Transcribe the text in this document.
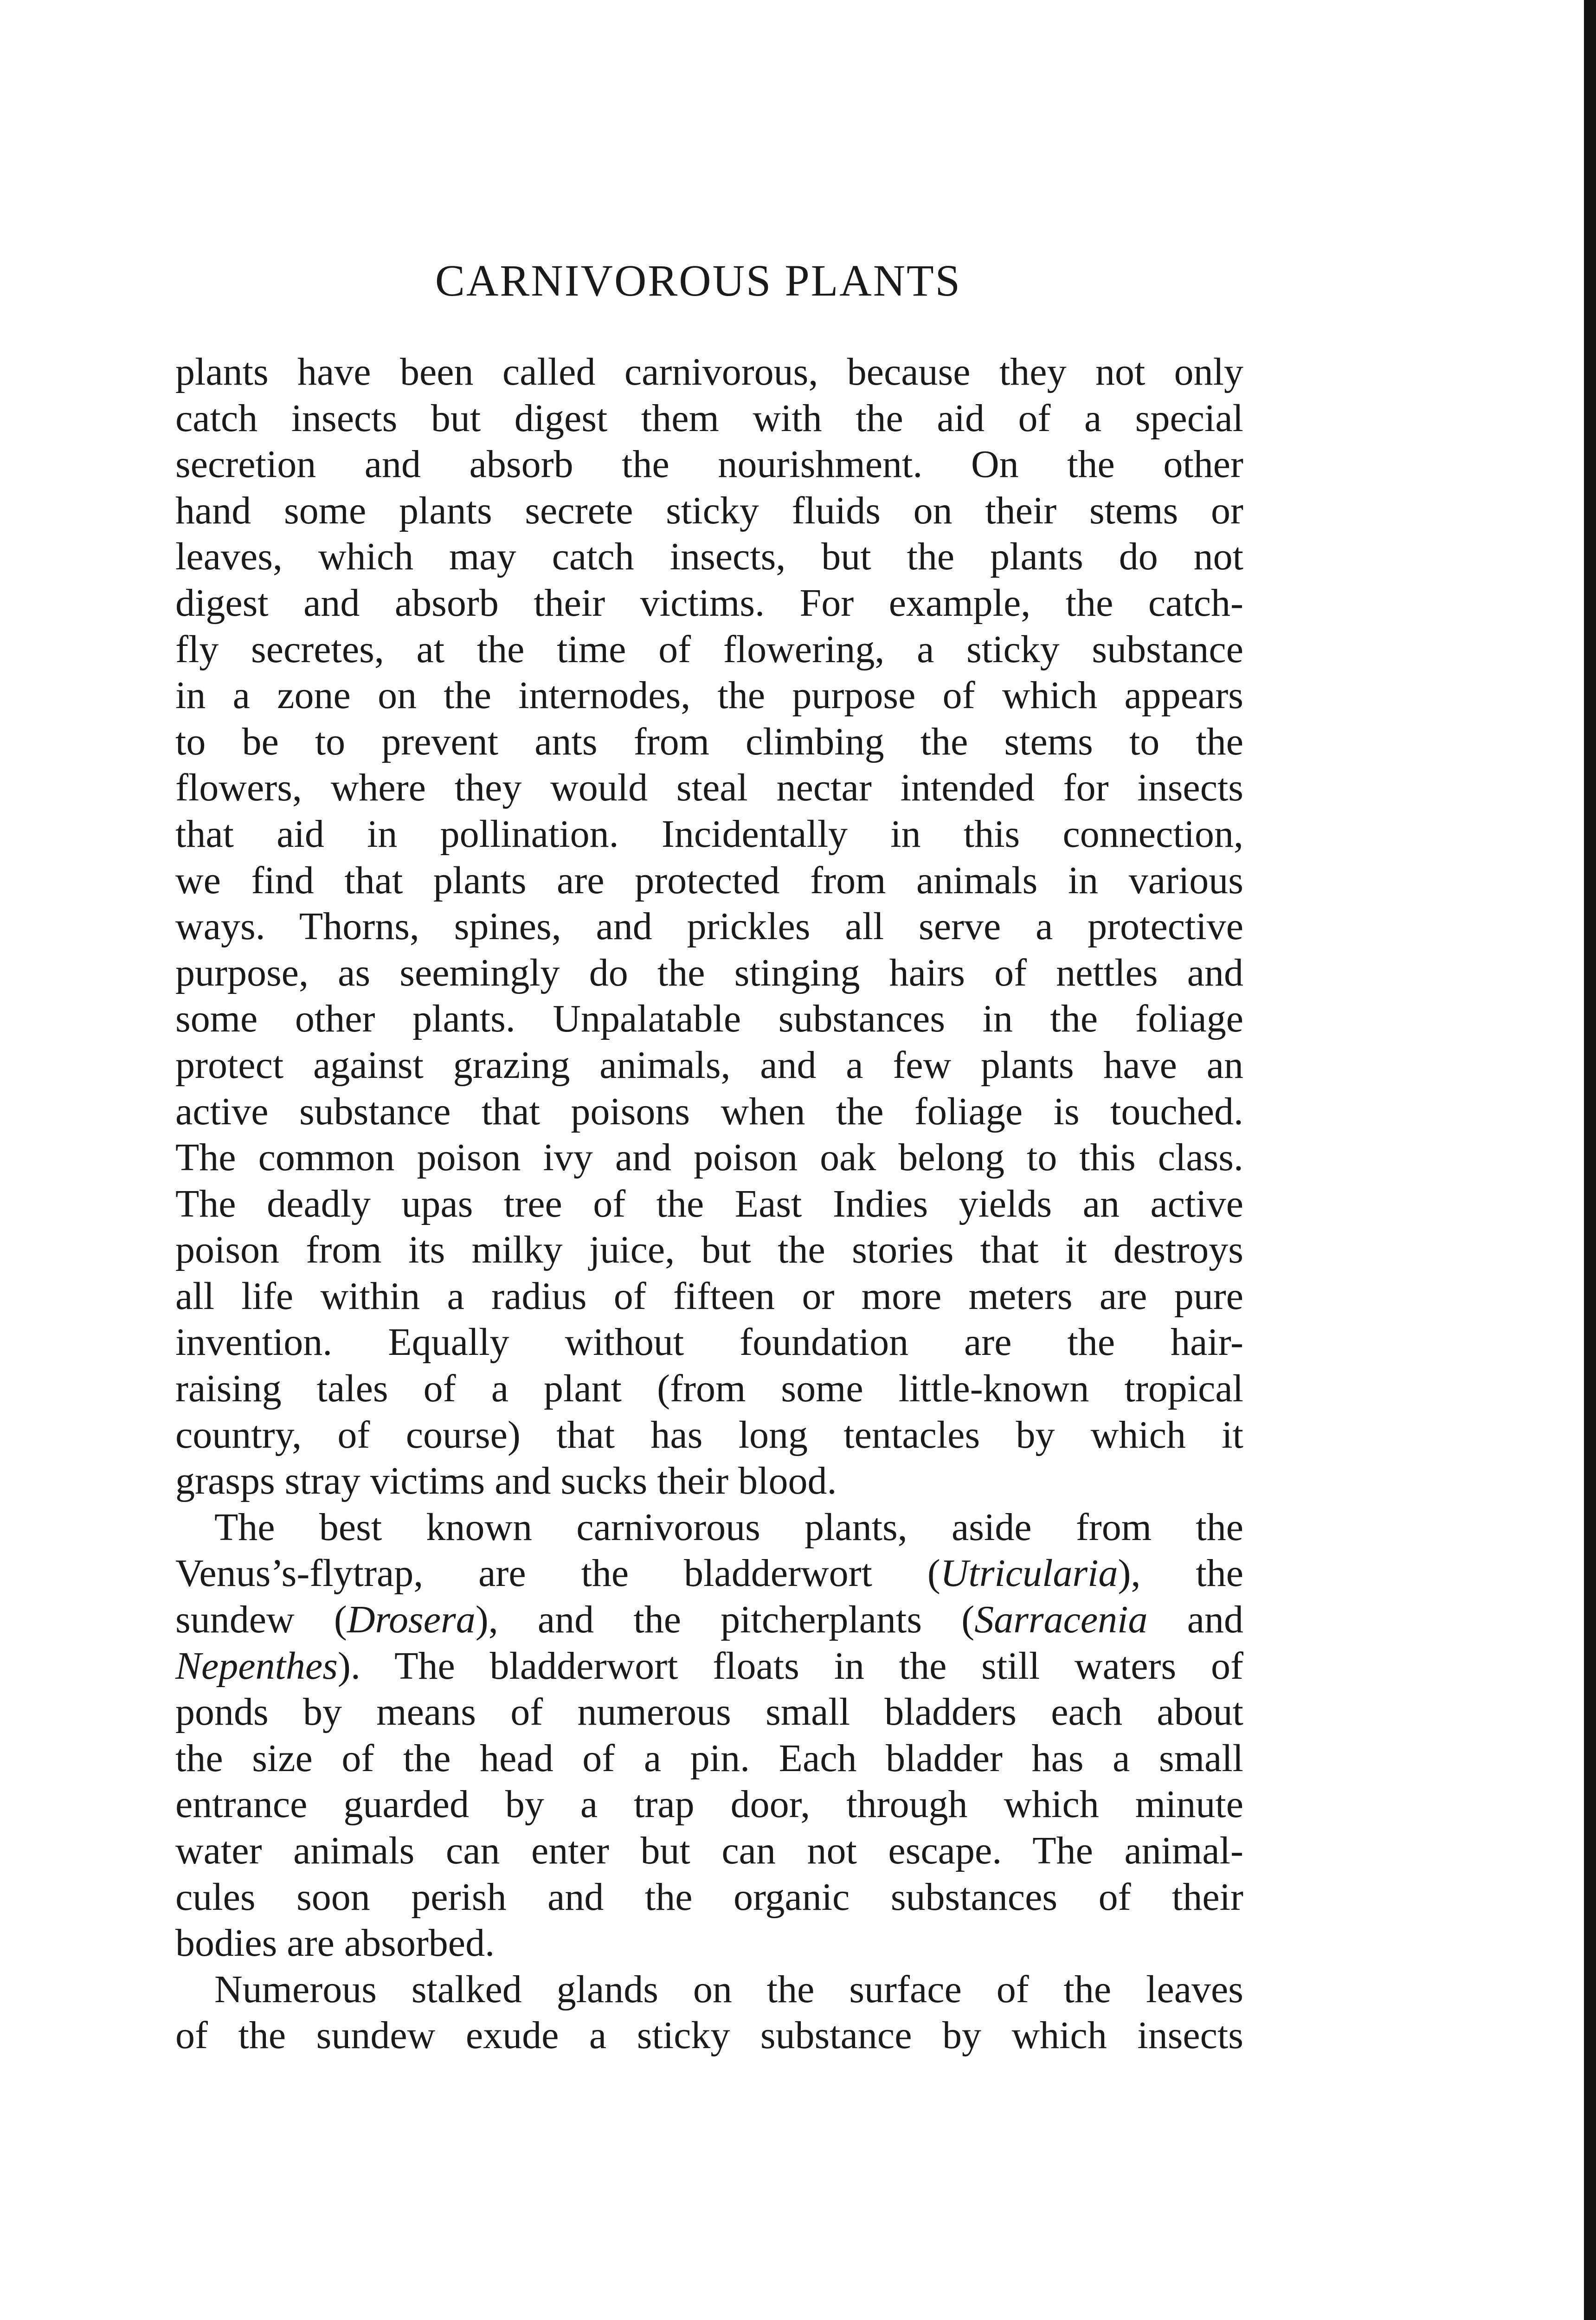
CARNIVOROUS PLANTS
plants have been called carnivorous, because they not only
catch insects but digest them with the aid of a special
secretion and absorb the nourishment. On the other
hand some plants secrete sticky fluids on their stems or
leaves, which may catch insects, but the plants do not
digest and absorb their victims. For example, the catch-
fly secretes, at the time of flowering, a sticky substance
in a zone on the internodes, the purpose of which appears
to be to prevent ants from climbing the stems to the
flowers, where they would steal nectar intended for insects
that aid in pollination. Incidentally in this connection,
we find that plants are protected from animals in various
ways. Thorns, spines, and prickles all serve a protective
purpose, as seemingly do the stinging hairs of nettles and
some other plants. Unpalatable substances in the foliage
protect against grazing animals, and a few plants have an
active substance that poisons when the foliage is touched.
The common poison ivy and poison oak belong to this class.
The deadly upas tree of the East Indies yields an active
poison from its milky juice, but the stories that it destroys
all life within a radius of fifteen or more meters are pure
invention. Equally without foundation are the hair-
raising tales of a plant (from some little-known tropical
country, of course) that has long tentacles by which it
grasps stray victims and sucks their blood.
The best known carnivorous plants, aside from the
Venus’s-flytrap, are the bladderwort (Utricularia), the
sundew (Drosera), and the pitcherplants (Sarracenia and
Nepenthes). The bladderwort floats in the still waters of
ponds by means of numerous small bladders each about
the size of the head of a pin. Each bladder has a small
entrance guarded by a trap door, through which minute
water animals can enter but can not escape. The animal-
cules soon perish and the organic substances of their
bodies are absorbed.
Numerous stalked glands on the surface of the leaves
of the sundew exude a sticky substance by which insects
